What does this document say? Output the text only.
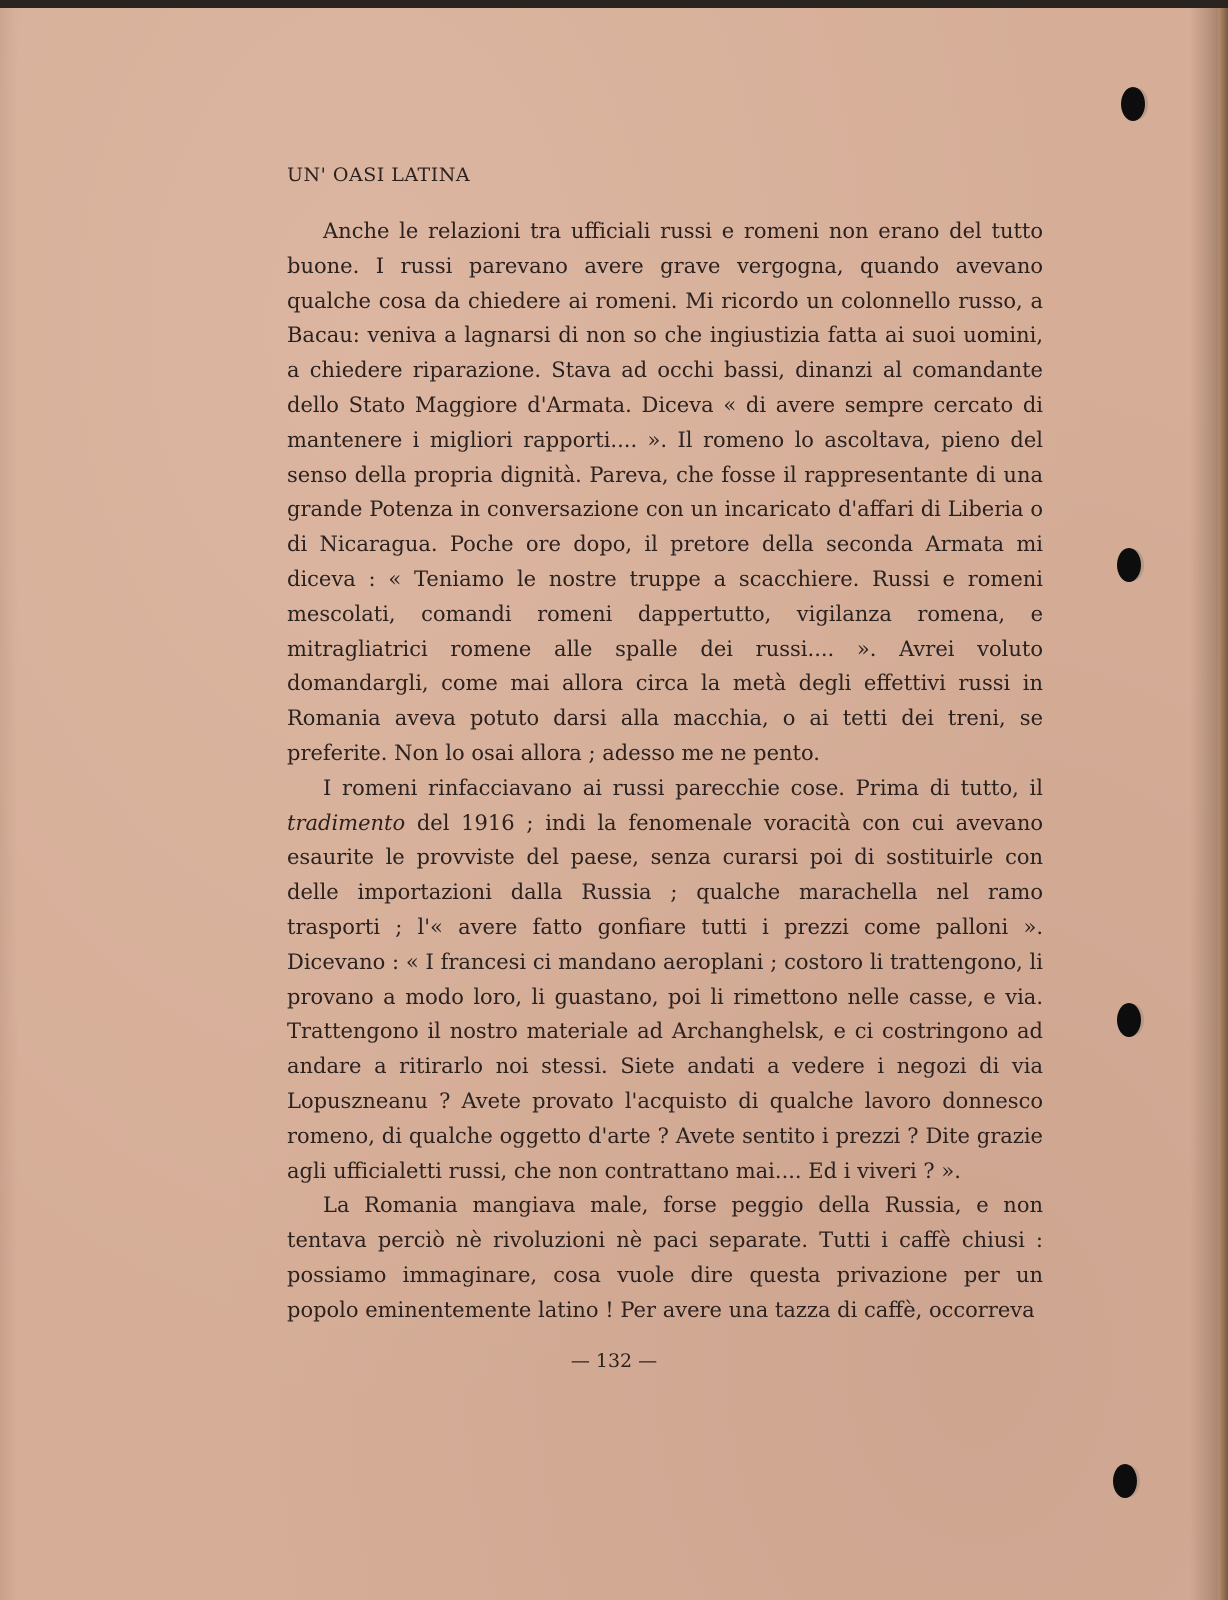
UN' OASI LATINA

Anche le relazioni tra ufficiali russi e romeni non erano del tutto buone. I russi parevano avere grave vergogna, quando avevano qualche cosa da chiedere ai romeni. Mi ricordo un colonnello russo, a Bacau: veniva a lagnarsi di non so che ingiustizia fatta ai suoi uomini, a chiedere riparazione. Stava ad occhi bassi, dinanzi al comandante dello Stato Maggiore d'Armata. Diceva « di avere sempre cercato di mantenere i migliori rapporti.... ». Il romeno lo ascoltava, pieno del senso della propria dignità. Pareva, che fosse il rappresentante di una grande Potenza in conversazione con un incaricato d'affari di Liberia o di Nicaragua. Poche ore dopo, il pretore della seconda Armata mi diceva : « Teniamo le nostre truppe a scacchiere. Russi e romeni mescolati, comandi romeni dappertutto, vigilanza romena, e mitragliatrici romene alle spalle dei russi.... ». Avrei voluto domandargli, come mai allora circa la metà degli effettivi russi in Romania aveva potuto darsi alla macchia, o ai tetti dei treni, se preferite. Non lo osai allora ; adesso me ne pento.

I romeni rinfacciavano ai russi parecchie cose. Prima di tutto, il tradimento del 1916 ; indi la fenomenale voracità con cui avevano esaurite le provviste del paese, senza curarsi poi di sostituirle con delle importazioni dalla Russia ; qualche marachella nel ramo trasporti ; l'« avere fatto gonfiare tutti i prezzi come palloni ». Dicevano : « I francesi ci mandano aeroplani ; costoro li trattengono, li provano a modo loro, li guastano, poi li rimettono nelle casse, e via. Trattengono il nostro materiale ad Archanghelsk, e ci costringono ad andare a ritirarlo noi stessi. Siete andati a vedere i negozi di via Lopuszneanu ? Avete provato l'acquisto di qualche lavoro donnesco romeno, di qualche oggetto d'arte ? Avete sentito i prezzi ? Dite grazie agli ufficialetti russi, che non contrattano mai.... Ed i viveri ? ».

La Romania mangiava male, forse peggio della Russia, e non tentava perciò nè rivoluzioni nè paci separate. Tutti i caffè chiusi : possiamo immaginare, cosa vuole dire questa privazione per un popolo eminentemente latino ! Per avere una tazza di caffè, occorreva

— 132 —
